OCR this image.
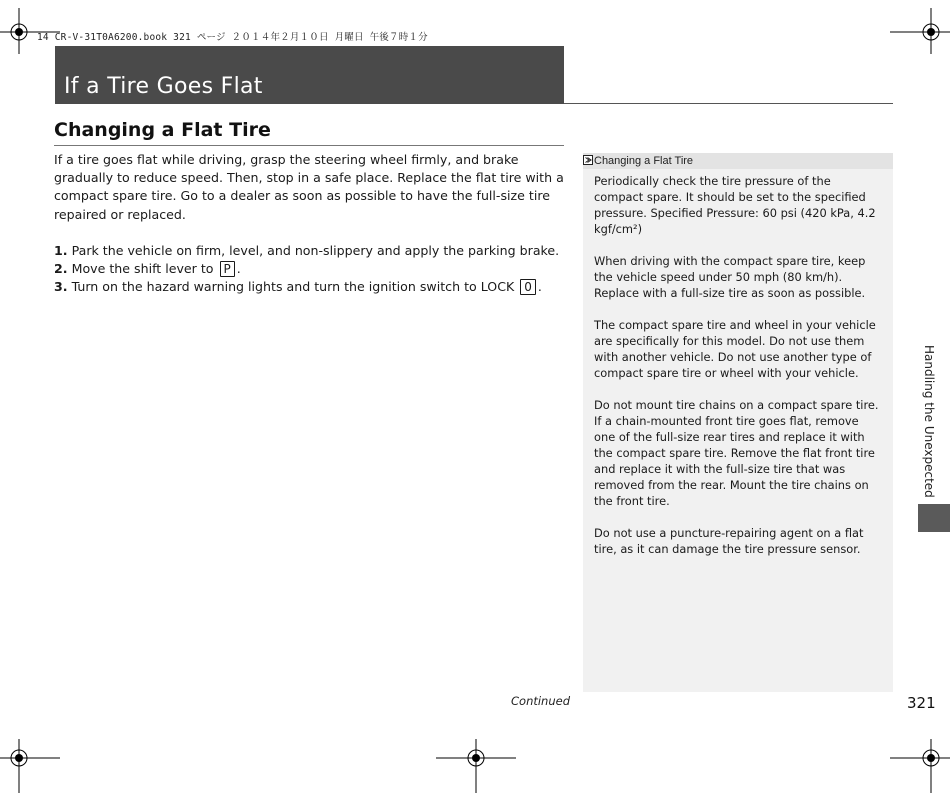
14 CR-V-31T0A6200.book 321 ページ ２０１４年２月１０日 月曜日 午後７時１分
If a Tire Goes Flat
Changing a Flat Tire

If a tire goes flat while driving, grasp the steering wheel firmly, and brake gradually to reduce speed. Then, stop in a safe place. Replace the flat tire with a compact spare tire. Go to a dealer as soon as possible to have the full-size tire repaired or replaced.

1. Park the vehicle on firm, level, and non-slippery and apply the parking brake.
2. Move the shift lever to P .
3. Turn on the hazard warning lights and turn the ignition switch to LOCK 0 .
Changing a Flat Tire

Periodically check the tire pressure of the compact spare. It should be set to the specified pressure. Specified Pressure: 60 psi (420 kPa, 4.2 kgf/cm²)

When driving with the compact spare tire, keep the vehicle speed under 50 mph (80 km/h). Replace with a full-size tire as soon as possible.

The compact spare tire and wheel in your vehicle are specifically for this model. Do not use them with another vehicle. Do not use another type of compact spare tire or wheel with your vehicle.

Do not mount tire chains on a compact spare tire. If a chain-mounted front tire goes flat, remove one of the full-size rear tires and replace it with the compact spare tire. Remove the flat front tire and replace it with the full-size tire that was removed from the rear. Mount the tire chains on the front tire.

Do not use a puncture-repairing agent on a flat tire, as it can damage the tire pressure sensor.

Handling the Unexpected
Continued	321
